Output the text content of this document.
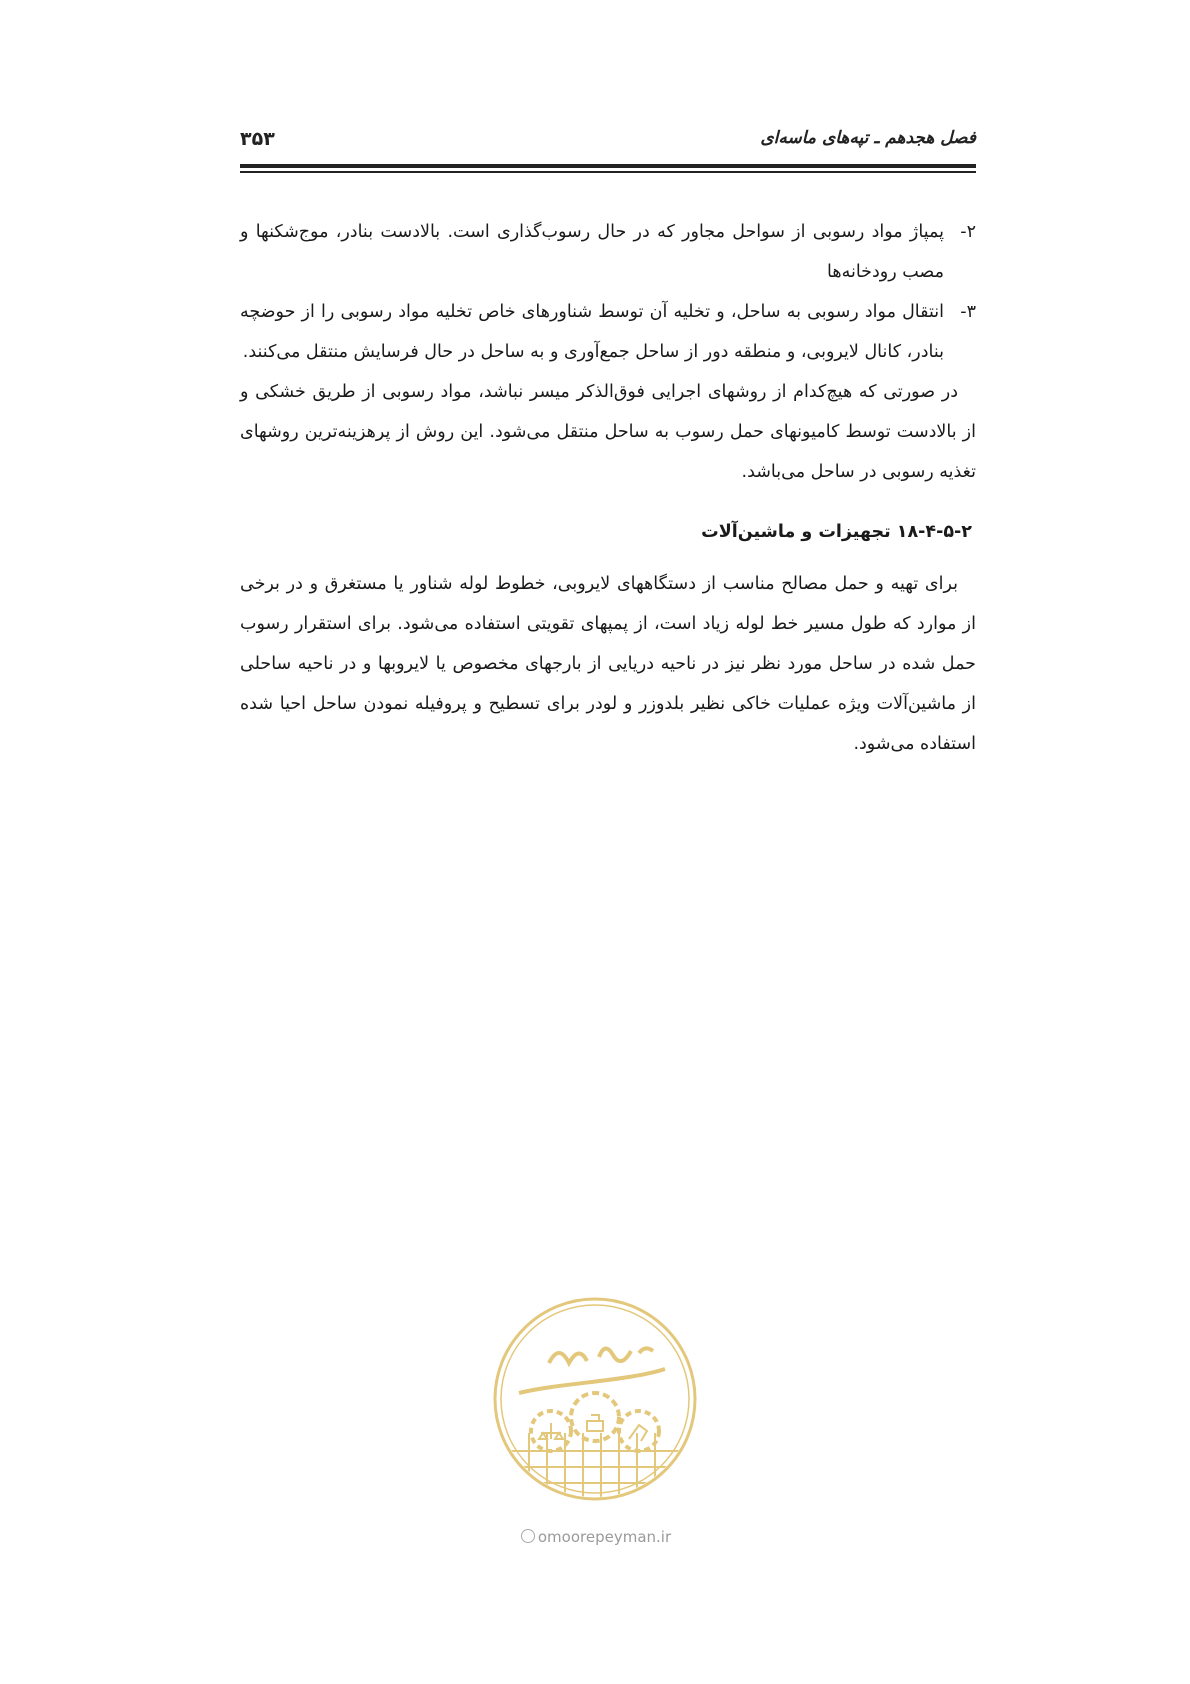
فصل هجدهم ـ تپه‌های ماسه‌ای
۳۵۳
۲-
پمپاژ مواد رسوبی از سواحل مجاور که در حال رسوب‌گذاری است. بالادست بنادر، موج‌شکنها و مصب رودخانه‌ها
۳-
انتقال مواد رسوبی به ساحل، و تخلیه آن توسط شناورهای خاص تخلیه مواد رسوبی را از حوضچه بنادر، کانال لایروبی، و منطقه دور از ساحل جمع‌آوری و به ساحل در حال فرسایش منتقل می‌کنند.

در صورتی که هیچ‌کدام از روشهای اجرایی فوق‌الذکر میسر نباشد، مواد رسوبی از طریق خشکی و از بالادست توسط کامیونهای حمل رسوب به ساحل منتقل می‌شود. این روش از پرهزینه‌ترین روشهای تغذیه رسوبی در ساحل می‌باشد.

۱۸-۴-۵-۲ تجهیزات و ماشین‌آلات

برای تهیه و حمل مصالح مناسب از دستگاههای لایروبی، خطوط لوله شناور یا مستغرق و در برخی از موارد که طول مسیر خط لوله زیاد است، از پمپهای تقویتی استفاده می‌شود. برای استقرار رسوب حمل شده در ساحل مورد نظر نیز در ناحیه دریایی از بارجهای مخصوص یا لایروبها و در ناحیه ساحلی از ماشین‌آلات ویژه عملیات خاکی نظیر بلدوزر و لودر برای تسطیح و پروفیله نمودن ساحل احیا شده استفاده می‌شود.

omoorepeyman.ir
